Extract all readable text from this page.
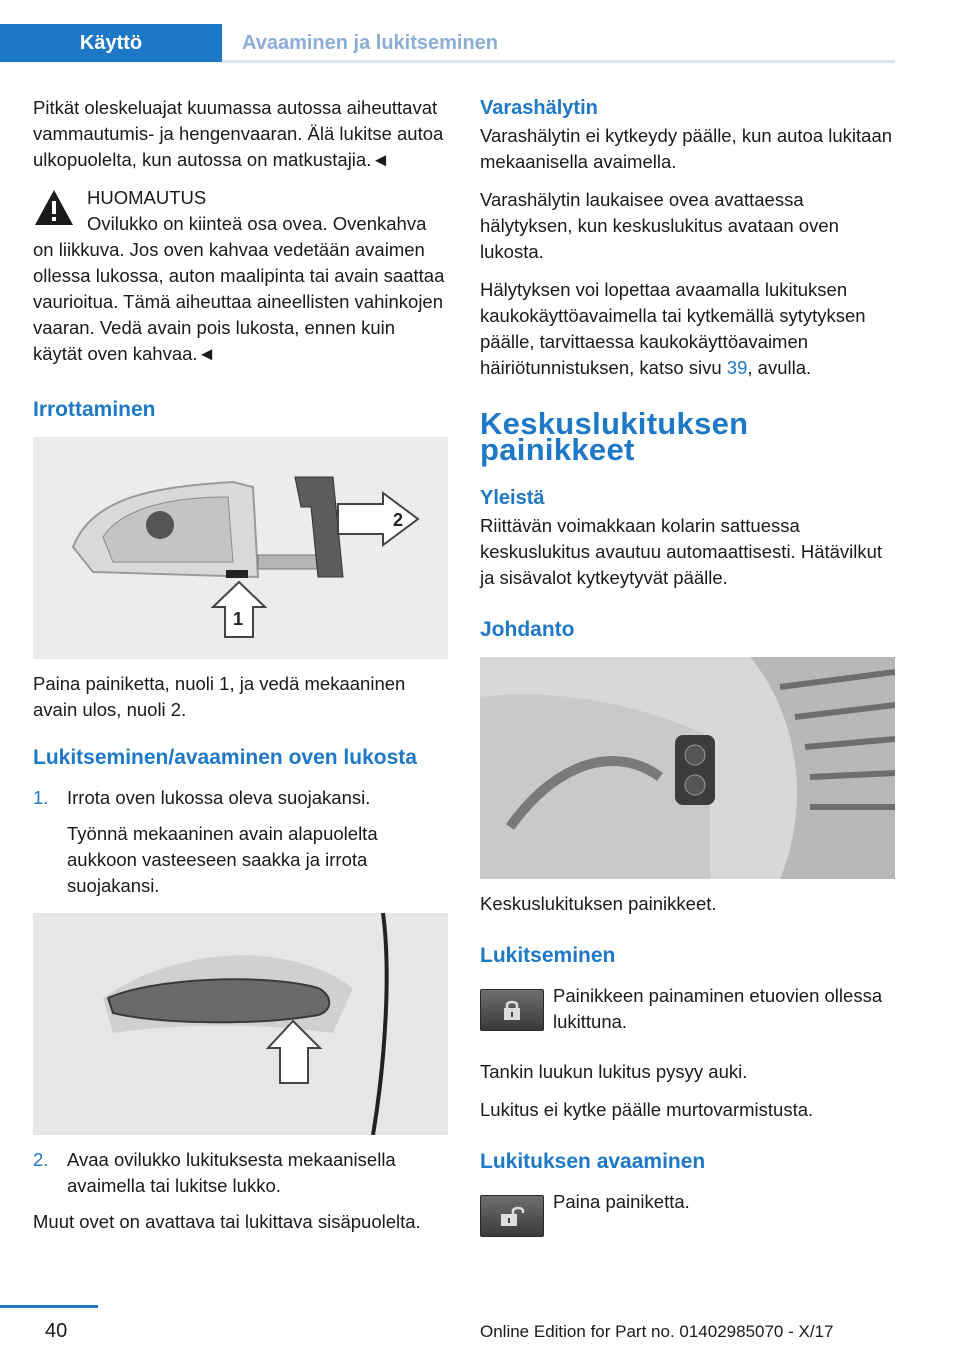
Käyttö	Avaaminen ja lukitseminen

Pitkät oleskeluajat kuumassa autossa aiheuttavat vammautumis- ja hengenvaaran. Älä lukitse autoa ulkopuolelta, kun autossa on matkustajia.◄

HUOMAUTUS

Ovilukko on kiinteä osa ovea. Ovenkahva on liikkuva. Jos oven kahvaa vedetään avaimen ollessa lukossa, auton maalipinta tai avain saattaa vaurioitua. Tämä aiheuttaa aineellisten vahinkojen vaaran. Vedä avain pois lukosta, ennen kuin käytät oven kahvaa.◄

Irrottaminen
2
1

Paina painiketta, nuoli 1, ja vedä mekaaninen avain ulos, nuoli 2.

Lukitseminen/avaaminen oven lukosta
1. Irrota oven lukossa oleva suojakansi.

Työnnä mekaaninen avain alapuolelta aukkoon vasteeseen saakka ja irrota suojakansi.

2. Avaa ovilukko lukituksesta mekaanisella avaimella tai lukitse lukko.

Muut ovet on avattava tai lukittava sisäpuolelta.

Varashälytin

Varashälytin ei kytkeydy päälle, kun autoa lukitaan mekaanisella avaimella.

Varashälytin laukaisee ovea avattaessa hälytyksen, kun keskuslukitus avataan oven lukosta.

Hälytyksen voi lopettaa avaamalla lukituksen kaukokäyttöavaimella tai kytkemällä sytytyksen päälle, tarvittaessa kaukokäyttöavaimen häiriötunnistuksen, katso sivu 39, avulla.

Keskuslukituksen painikkeet
Yleistä

Riittävän voimakkaan kolarin sattuessa keskuslukitus avautuu automaattisesti. Hätävilkut ja sisävalot kytkeytyvät päälle.

Johdanto

Keskuslukituksen painikkeet.

Lukitseminen
Painikkeen painaminen etuovien ollessa lukittuna.

Tankin luukun lukitus pysyy auki.

Lukitus ei kytke päälle murtovarmistusta.

Lukituksen avaaminen
Paina painiketta.
40	Online Edition for Part no. 01402985070 - X/17
